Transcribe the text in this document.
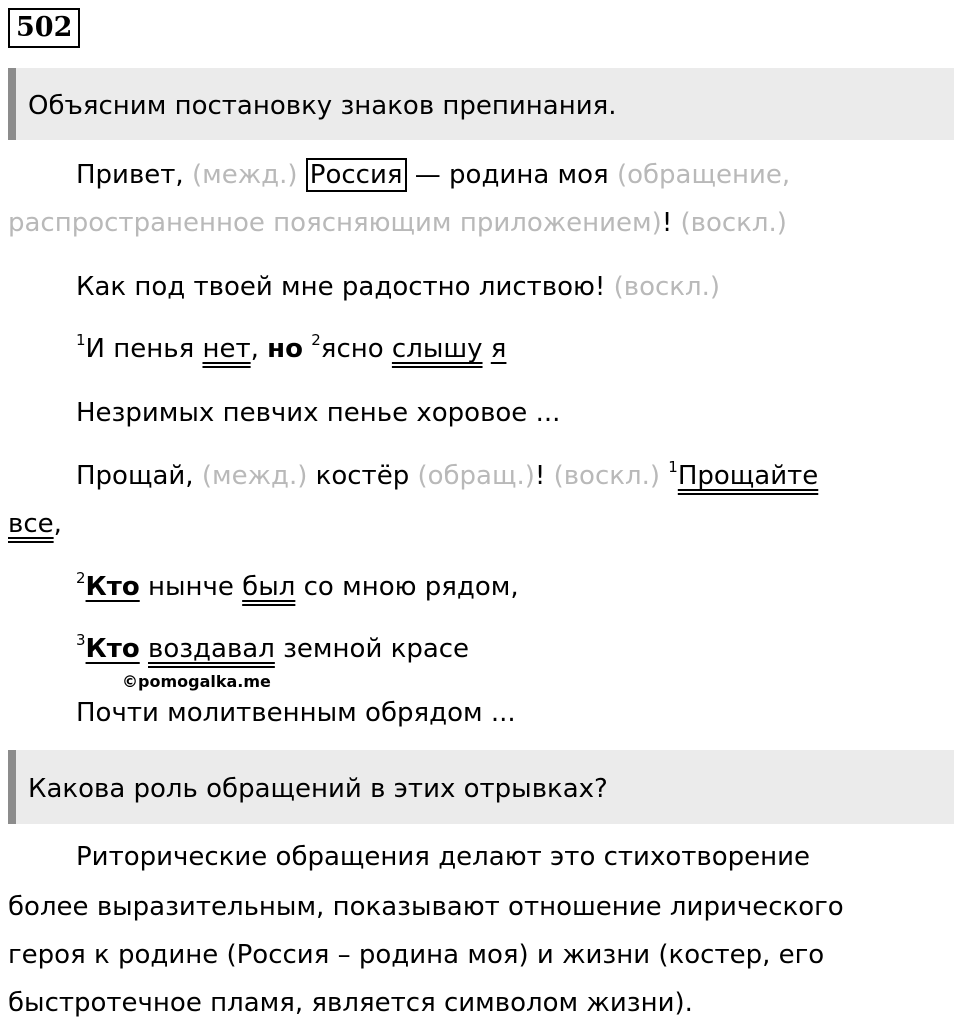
502
Объясним постановку знаков препинания.
Привет, (межд.) Россия — родина моя (обращение,
распространенное поясняющим приложением)! (воскл.)
Как под твоей мне радостно листвою! (воскл.)
$^1$И пенья нет, но $^2$ясно слышу я
Незримых певчих пенье хоровое ...
Прощай, (межд.) костёр (обращ.)! (воскл.) $^1$Прощайте
все,
$^2$Кто нынче был со мною рядом,
$^3$Кто воздавал земной красе
©pomogalka.me
Почти молитвенным обрядом ...
Какова роль обращений в этих отрывках?
Риторические обращения делают это стихотворение
более выразительным, показывают отношение лирического
героя к родине (Россия – родина моя) и жизни (костер, его
быстротечное пламя, является символом жизни).
